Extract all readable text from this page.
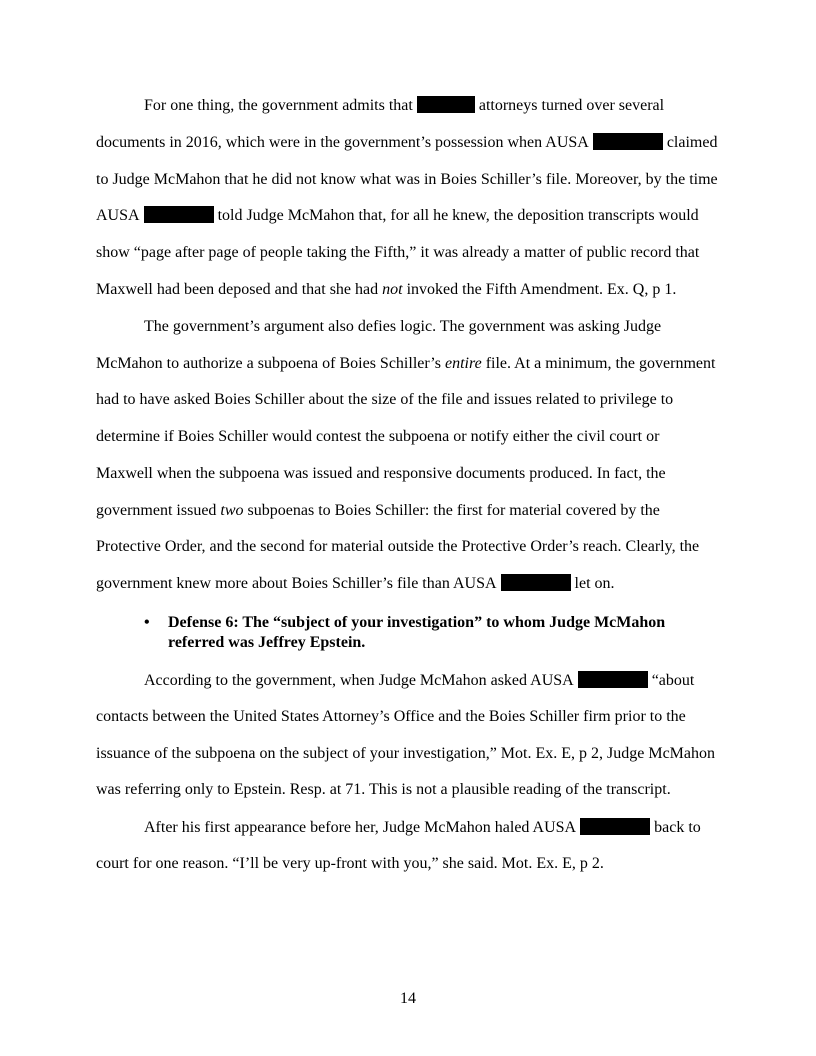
For one thing, the government admits that	attorneys turned over several
documents in 2016, which were in the government’s possession when AUSA	claimed
to Judge McMahon that he did not know what was in Boies Schiller’s file. Moreover, by the time
AUSA	told Judge McMahon that, for all he knew, the deposition transcripts would
show “page after page of people taking the Fifth,” it was already a matter of public record that
Maxwell had been deposed and that she had not invoked the Fifth Amendment. Ex. Q, p 1.
The government’s argument also defies logic. The government was asking Judge
McMahon to authorize a subpoena of Boies Schiller’s entire file. At a minimum, the government
had to have asked Boies Schiller about the size of the file and issues related to privilege to
determine if Boies Schiller would contest the subpoena or notify either the civil court or
Maxwell when the subpoena was issued and responsive documents produced. In fact, the
government issued two subpoenas to Boies Schiller: the first for material covered by the
Protective Order, and the second for material outside the Protective Order’s reach. Clearly, the
government knew more about Boies Schiller’s file than AUSA	let on.
• Defense 6: The “subject of your investigation” to whom Judge McMahon
referred was Jeffrey Epstein.
According to the government, when Judge McMahon asked AUSA	“about
contacts between the United States Attorney’s Office and the Boies Schiller firm prior to the
issuance of the subpoena on the subject of your investigation,” Mot. Ex. E, p 2, Judge McMahon
was referring only to Epstein. Resp. at 71. This is not a plausible reading of the transcript.
After his first appearance before her, Judge McMahon haled AUSA	back to
court for one reason. “I’ll be very up-front with you,” she said. Mot. Ex. E, p 2.
14
